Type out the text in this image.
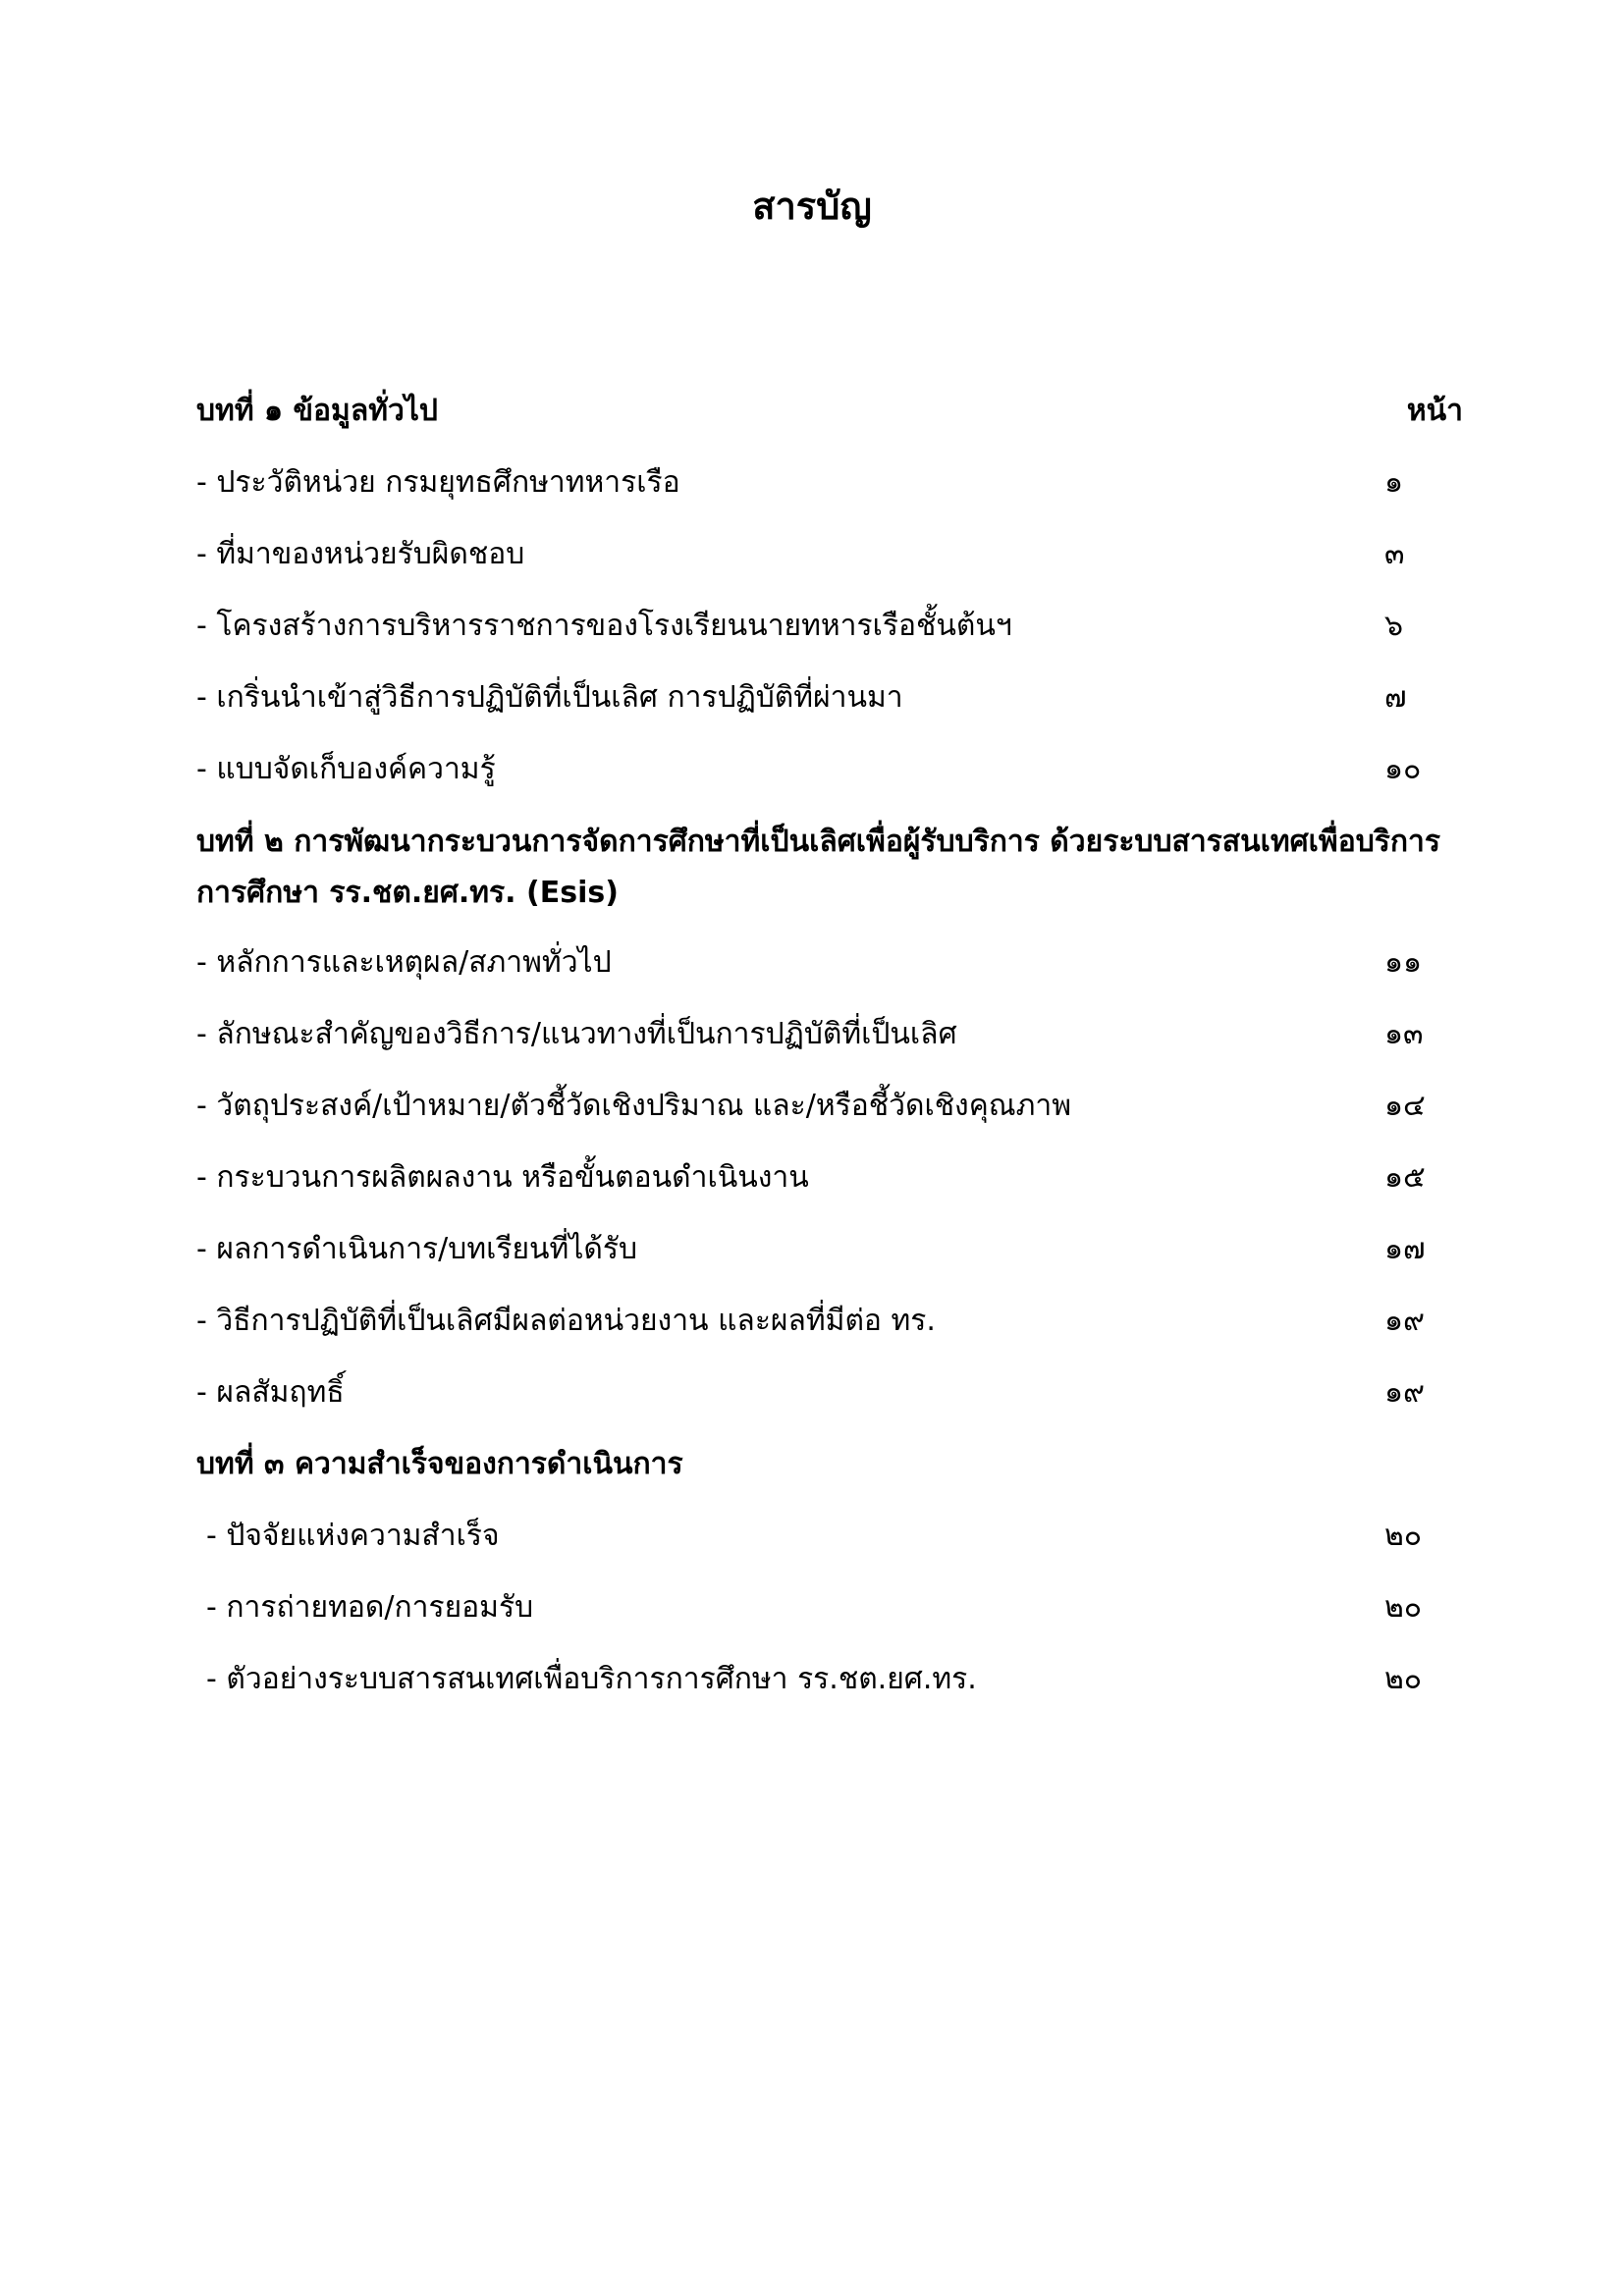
สารบัญ
บทที่ ๑ ข้อมูลทั่วไป	หน้า
- ประวัติหน่วย กรมยุทธศึกษาทหารเรือ	๑
- ที่มาของหน่วยรับผิดชอบ	๓
- โครงสร้างการบริหารราชการของโรงเรียนนายทหารเรือชั้นต้นฯ	๖
- เกริ่นนำเข้าสู่วิธีการปฏิบัติที่เป็นเลิศ การปฏิบัติที่ผ่านมา	๗
- แบบจัดเก็บองค์ความรู้	๑๐
บทที่ ๒ การพัฒนากระบวนการจัดการศึกษาที่เป็นเลิศเพื่อผู้รับบริการ ด้วยระบบสารสนเทศเพื่อบริการการศึกษา รร.ชต.ยศ.ทร. (Esis)
- หลักการและเหตุผล/สภาพทั่วไป	๑๑
- ลักษณะสำคัญของวิธีการ/แนวทางที่เป็นการปฏิบัติที่เป็นเลิศ	๑๓
- วัตถุประสงค์/เป้าหมาย/ตัวชี้วัดเชิงปริมาณ และ/หรือชี้วัดเชิงคุณภาพ	๑๔
- กระบวนการผลิตผลงาน หรือขั้นตอนดำเนินงาน	๑๕
- ผลการดำเนินการ/บทเรียนที่ได้รับ	๑๗
- วิธีการปฏิบัติที่เป็นเลิศมีผลต่อหน่วยงาน และผลที่มีต่อ ทร.	๑๙
- ผลสัมฤทธิ์	๑๙
บทที่ ๓ ความสำเร็จของการดำเนินการ
- ปัจจัยแห่งความสำเร็จ	๒๐
- การถ่ายทอด/การยอมรับ	๒๐
- ตัวอย่างระบบสารสนเทศเพื่อบริการการศึกษา รร.ชต.ยศ.ทร.	๒๐
